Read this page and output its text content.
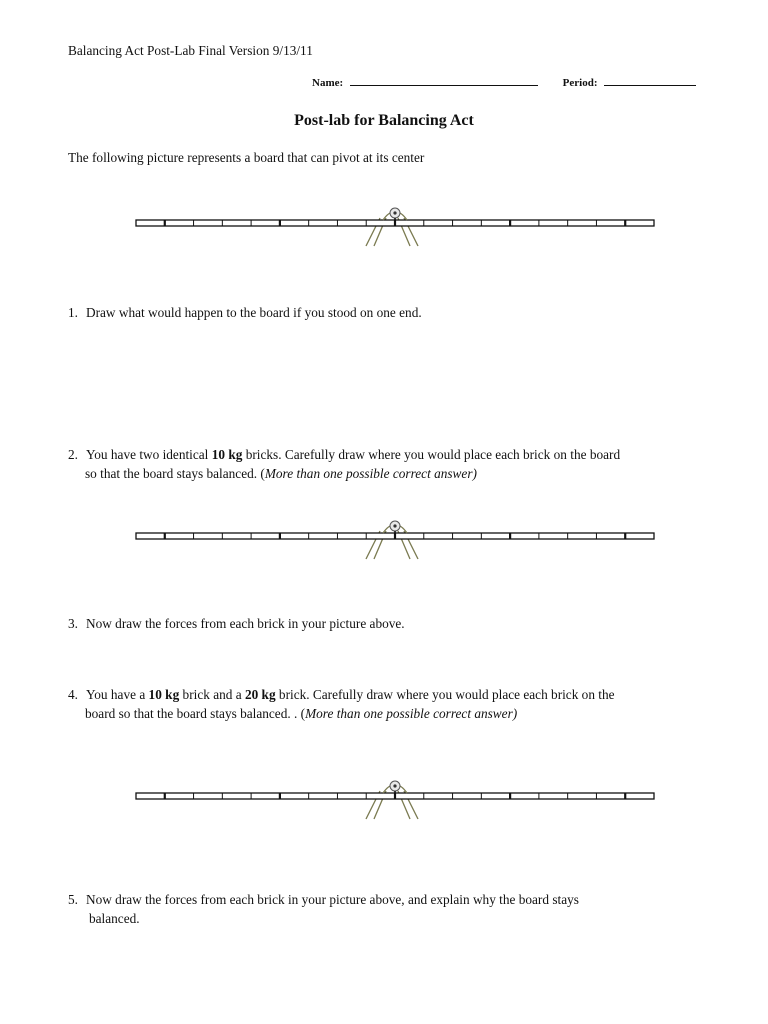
Balancing Act Post-Lab Final Version 9/13/11
Name:	Period:
Post-lab for Balancing Act
The following picture represents a board that can pivot at its center
1. Draw what would happen to the board if you stood on one end.
2. You have two identical 10 kg bricks. Carefully draw where you would place each brick on the board
so that the board stays balanced. (More than one possible correct answer)
3. Now draw the forces from each brick in your picture above.
4. You have a 10 kg brick and a 20 kg brick. Carefully draw where you would place each brick on the
board so that the board stays balanced. . (More than one possible correct answer)
5. Now draw the forces from each brick in your picture above, and explain why the board stays
balanced.
